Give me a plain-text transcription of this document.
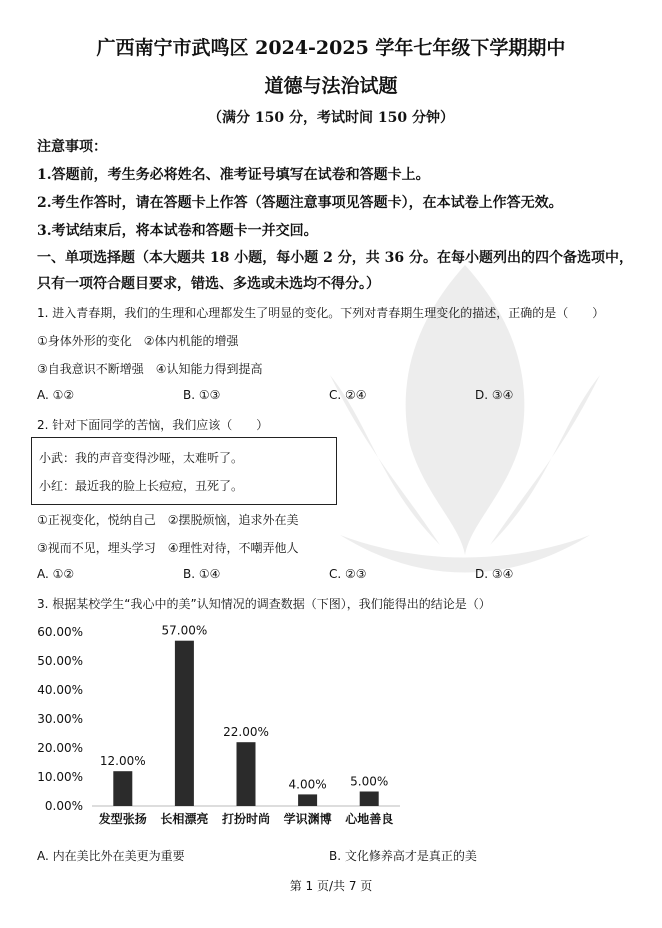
广西南宁市武鸣区 2024-2025 学年七年级下学期期中
道德与法治试题
（满分 150 分，考试时间 150 分钟）
注意事项：
1.答题前，考生务必将姓名、准考证号填写在试卷和答题卡上。
2.考生作答时，请在答题卡上作答（答题注意事项见答题卡），在本试卷上作答无效。
3.考试结束后，将本试卷和答题卡一并交回。
一、单项选择题（本大题共 18 小题，每小题 2 分，共 36 分。在每小题列出的四个备选项中，
只有一项符合题目要求，错选、多选或未选均不得分。）
1. 进入青春期，我们的生理和心理都发生了明显的变化。下列对青春期生理变化的描述，正确的是（　　）
①身体外形的变化　②体内机能的增强
③自我意识不断增强　④认知能力得到提高
A. ①②	B. ①③	C. ②④	D. ③④
2. 针对下面同学的苦恼，我们应该（　　）
小武：我的声音变得沙哑，太难听了。
小红：最近我的脸上长痘痘，丑死了。
①正视变化，悦纳自己　②摆脱烦恼，追求外在美
③视而不见，埋头学习　④理性对待，不嘲弄他人
A. ①②	B. ①④	C. ②③	D. ③④
3. 根据某校学生“我心中的美”认知情况的调查数据（下图），我们能得出的结论是（）
0.00%
10.00%
20.00%
30.00%
40.00%
50.00%
60.00%
12.00%
发型张扬
57.00%
长相漂亮
22.00%
打扮时尚
4.00%
学识渊博
5.00%
心地善良
A. 内在美比外在美更为重要	B. 文化修养高才是真正的美
第 1 页/共 7 页
